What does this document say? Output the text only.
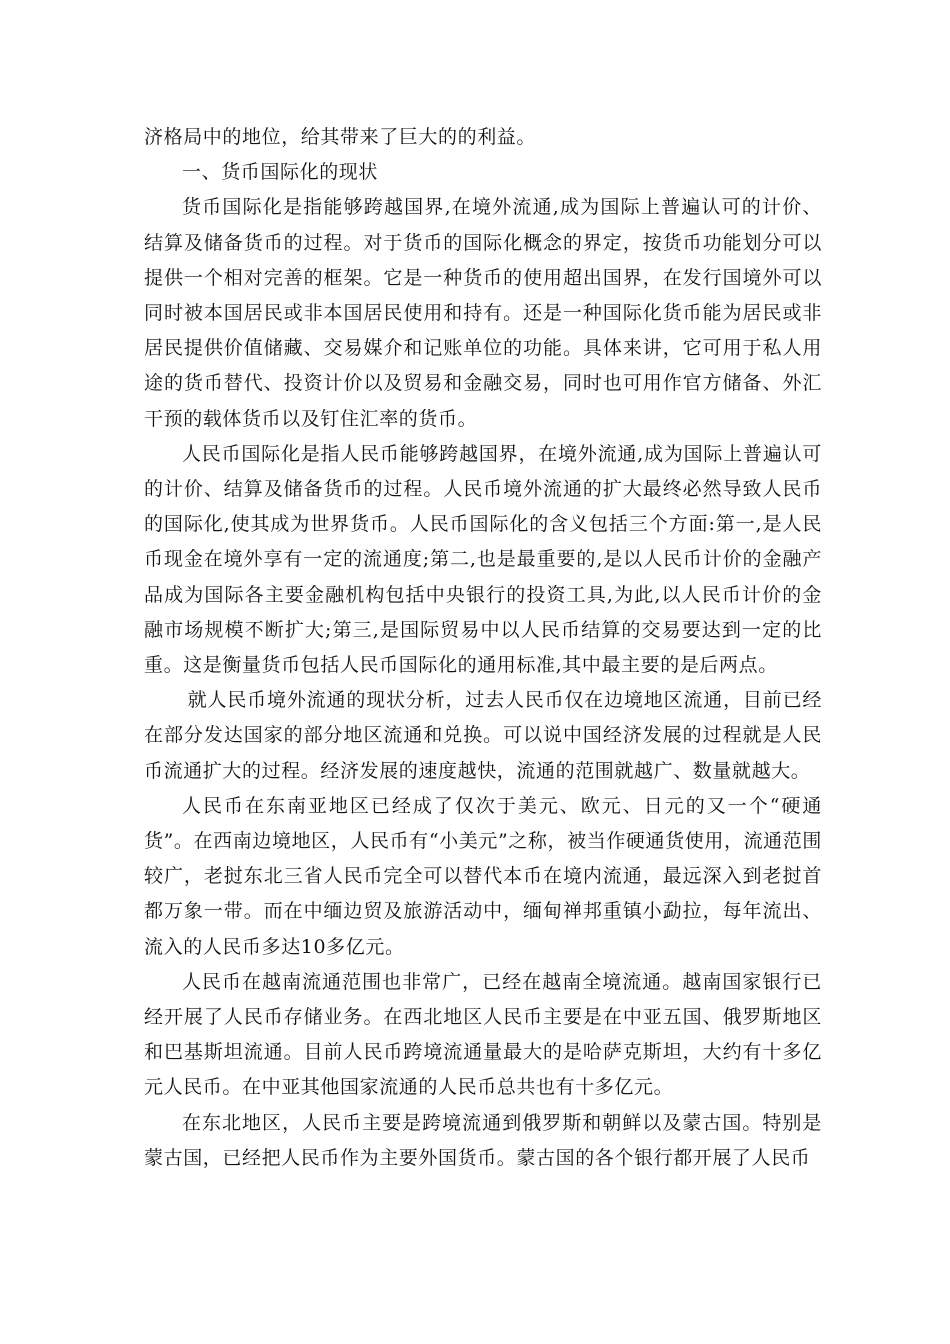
济格局中的地位，给其带来了巨大的的利益。

一、货币国际化的现状

货币国际化是指能够跨越国界,在境外流通,成为国际上普遍认可的计价、结算及储备货币的过程。对于货币的国际化概念的界定，按货币功能划分可以提供一个相对完善的框架。它是一种货币的使用超出国界，在发行国境外可以同时被本国居民或非本国居民使用和持有。还是一种国际化货币能为居民或非居民提供价值储藏、交易媒介和记账单位的功能。具体来讲，它可用于私人用途的货币替代、投资计价以及贸易和金融交易，同时也可用作官方储备、外汇干预的载体货币以及钉住汇率的货币。

人民币国际化是指人民币能够跨越国界，在境外流通,成为国际上普遍认可的计价、结算及储备货币的过程。人民币境外流通的扩大最终必然导致人民币的国际化,使其成为世界货币。人民币国际化的含义包括三个方面:第一,是人民币现金在境外享有一定的流通度;第二,也是最重要的,是以人民币计价的金融产品成为国际各主要金融机构包括中央银行的投资工具,为此,以人民币计价的金融市场规模不断扩大;第三,是国际贸易中以人民币结算的交易要达到一定的比重。这是衡量货币包括人民币国际化的通用标准,其中最主要的是后两点。

就人民币境外流通的现状分析，过去人民币仅在边境地区流通，目前已经在部分发达国家的部分地区流通和兑换。可以说中国经济发展的过程就是人民币流通扩大的过程。经济发展的速度越快，流通的范围就越广、数量就越大。

人民币在东南亚地区已经成了仅次于美元、欧元、日元的又一个“硬通货”。在西南边境地区，人民币有“小美元”之称，被当作硬通货使用，流通范围较广，老挝东北三省人民币完全可以替代本币在境内流通，最远深入到老挝首都万象一带。而在中缅边贸及旅游活动中，缅甸禅邦重镇小勐拉，每年流出、流入的人民币多达10多亿元。

人民币在越南流通范围也非常广，已经在越南全境流通。越南国家银行已经开展了人民币存储业务。在西北地区人民币主要是在中亚五国、俄罗斯地区和巴基斯坦流通。目前人民币跨境流通量最大的是哈萨克斯坦，大约有十多亿元人民币。在中亚其他国家流通的人民币总共也有十多亿元。

在东北地区，人民币主要是跨境流通到俄罗斯和朝鲜以及蒙古国。特别是蒙古国，已经把人民币作为主要外国货币。蒙古国的各个银行都开展了人民币
